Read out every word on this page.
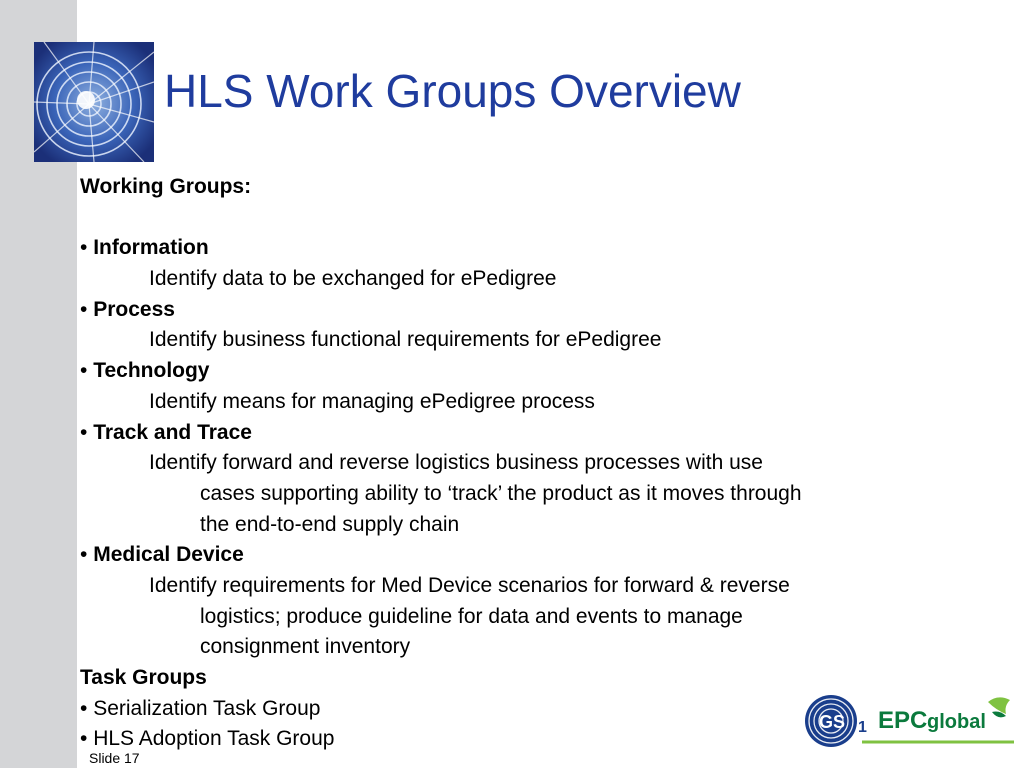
HLS Work Groups Overview
Working Groups:
• Information
Identify data to be exchanged for ePedigree
• Process
Identify business functional requirements for ePedigree
• Technology
Identify means for managing ePedigree process
• Track and Trace
Identify forward and reverse logistics business processes with use
cases supporting ability to ‘track’ the product as it moves through
the end-to-end supply chain
• Medical Device
Identify requirements for Med Device scenarios for forward & reverse
logistics; produce guideline for data and events to manage
consignment inventory
Task Groups
• Serialization Task Group
• HLS Adoption Task Group
Slide 17
GS 1 EPC global
